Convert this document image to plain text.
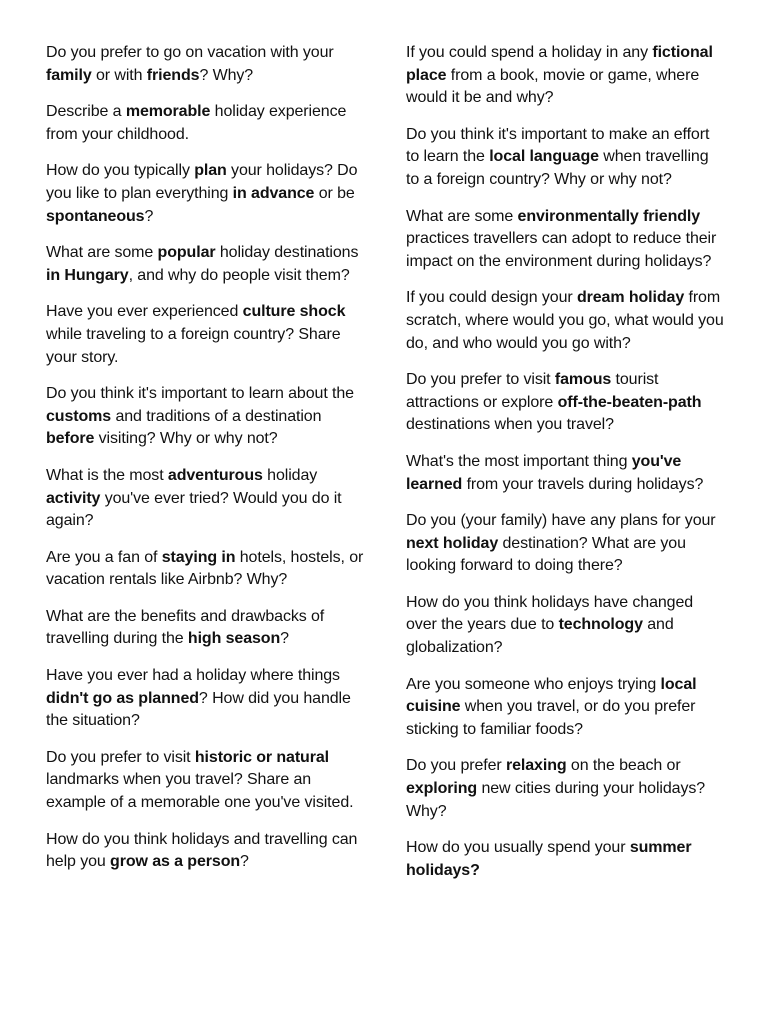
Do you prefer to go on vacation with your family or with friends? Why?

Describe a memorable holiday experience from your childhood.

How do you typically plan your holidays? Do you like to plan everything in advance or be spontaneous?

What are some popular holiday destinations in Hungary, and why do people visit them?

Have you ever experienced culture shock while traveling to a foreign country? Share your story.

Do you think it's important to learn about the customs and traditions of a destination before visiting? Why or why not?

What is the most adventurous holiday activity you've ever tried? Would you do it again?

Are you a fan of staying in hotels, hostels, or vacation rentals like Airbnb? Why?

What are the benefits and drawbacks of travelling during the high season?

Have you ever had a holiday where things didn't go as planned? How did you handle the situation?

Do you prefer to visit historic or natural landmarks when you travel? Share an example of a memorable one you've visited.

How do you think holidays and travelling can help you grow as a person?

If you could spend a holiday in any fictional place from a book, movie or game, where would it be and why?

Do you think it's important to make an effort to learn the local language when travelling to a foreign country? Why or why not?

What are some environmentally friendly practices travellers can adopt to reduce their impact on the environment during holidays?

If you could design your dream holiday from scratch, where would you go, what would you do, and who would you go with?

Do you prefer to visit famous tourist attractions or explore off-the-beaten-path destinations when you travel?

What's the most important thing you've learned from your travels during holidays?

Do you (your family) have any plans for your next holiday destination? What are you looking forward to doing there?

How do you think holidays have changed over the years due to technology and globalization?

Are you someone who enjoys trying local cuisine when you travel, or do you prefer sticking to familiar foods?

Do you prefer relaxing on the beach or exploring new cities during your holidays? Why?

How do you usually spend your summer holidays?
